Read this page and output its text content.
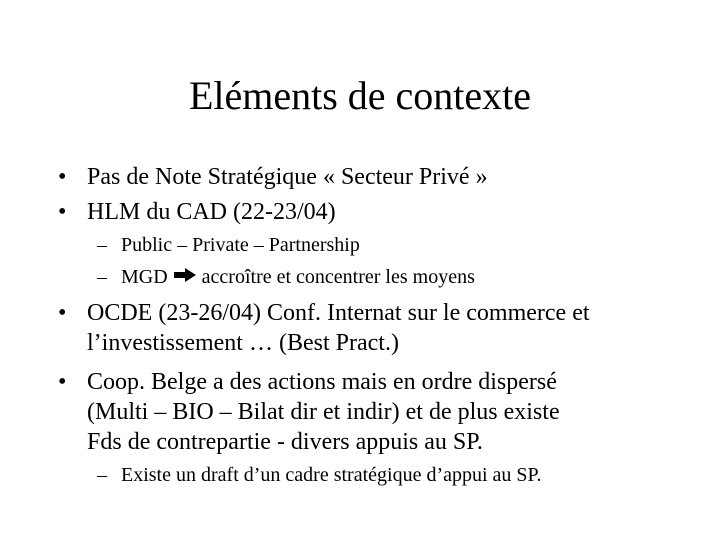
Eléments de contexte
• Pas de Note Stratégique « Secteur Privé »
• HLM du CAD (22-23/04)
– Public – Private – Partnership
– MGD accroître et concentrer les moyens
• OCDE (23-26/04) Conf. Internat sur le commerce et
l’investissement … (Best Pract.)
• Coop. Belge a des actions mais en ordre dispersé
(Multi – BIO – Bilat dir et indir) et de plus existe
Fds de contrepartie - divers appuis au SP.
– Existe un draft d’un cadre stratégique d’appui au SP.
